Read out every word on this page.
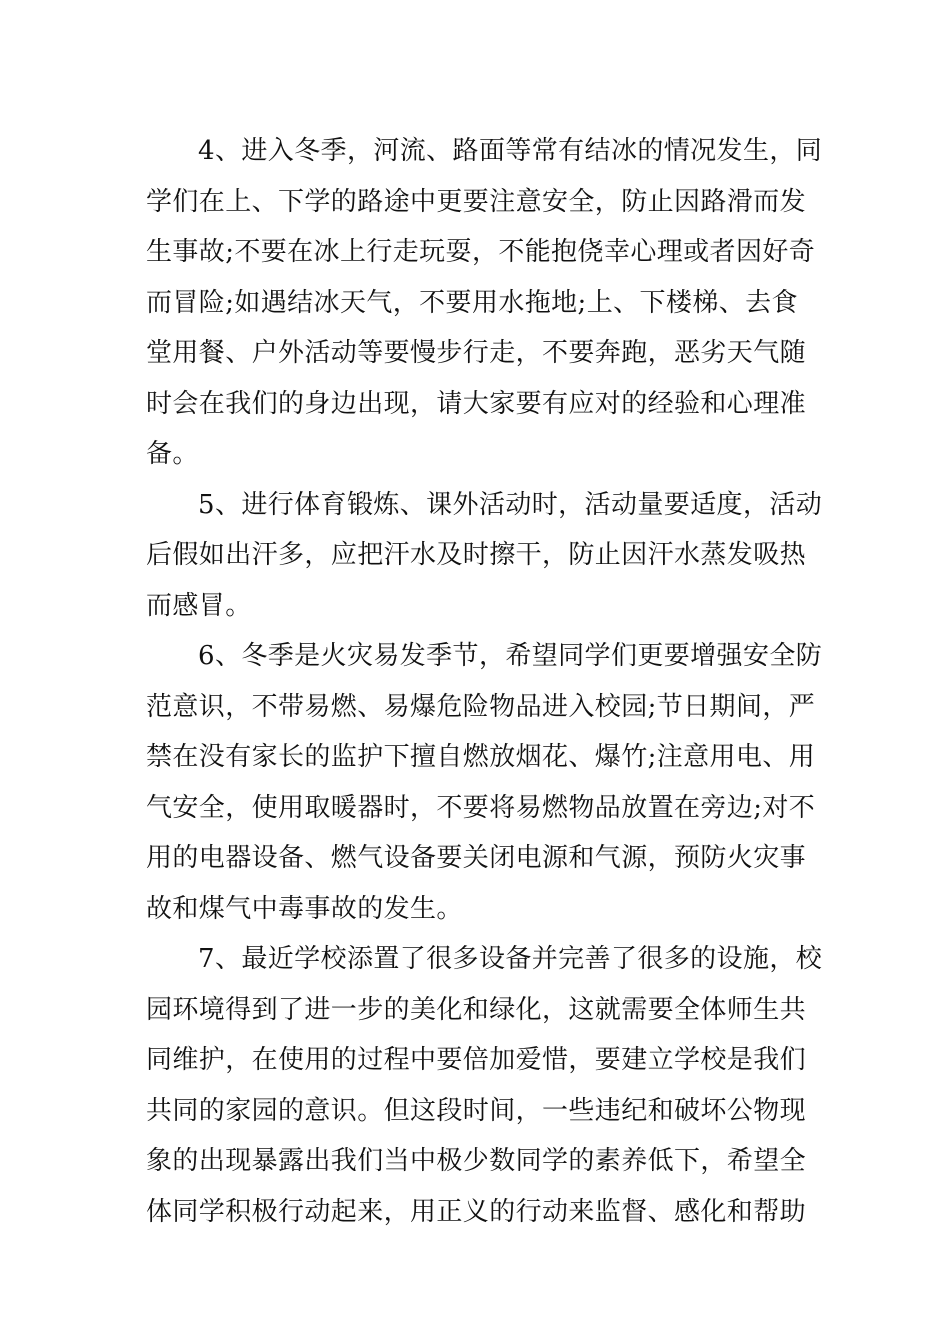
4、进入冬季，河流、路面等常有结冰的情况发生，同
学们在上、下学的路途中更要注意安全，防止因路滑而发
生事故;不要在冰上行走玩耍，不能抱侥幸心理或者因好奇
而冒险;如遇结冰天气，不要用水拖地;上、下楼梯、去食
堂用餐、户外活动等要慢步行走，不要奔跑，恶劣天气随
时会在我们的身边出现，请大家要有应对的经验和心理准
备。

5、进行体育锻炼、课外活动时，活动量要适度，活动
后假如出汗多，应把汗水及时擦干，防止因汗水蒸发吸热
而感冒。

6、冬季是火灾易发季节，希望同学们更要增强安全防
范意识，不带易燃、易爆危险物品进入校园;节日期间，严
禁在没有家长的监护下擅自燃放烟花、爆竹;注意用电、用
气安全，使用取暖器时，不要将易燃物品放置在旁边;对不
用的电器设备、燃气设备要关闭电源和气源，预防火灾事
故和煤气中毒事故的发生。

7、最近学校添置了很多设备并完善了很多的设施，校
园环境得到了进一步的美化和绿化，这就需要全体师生共
同维护，在使用的过程中要倍加爱惜，要建立学校是我们
共同的家园的意识。但这段时间，一些违纪和破坏公物现
象的出现暴露出我们当中极少数同学的素养低下，希望全
体同学积极行动起来，用正义的行动来监督、感化和帮助
